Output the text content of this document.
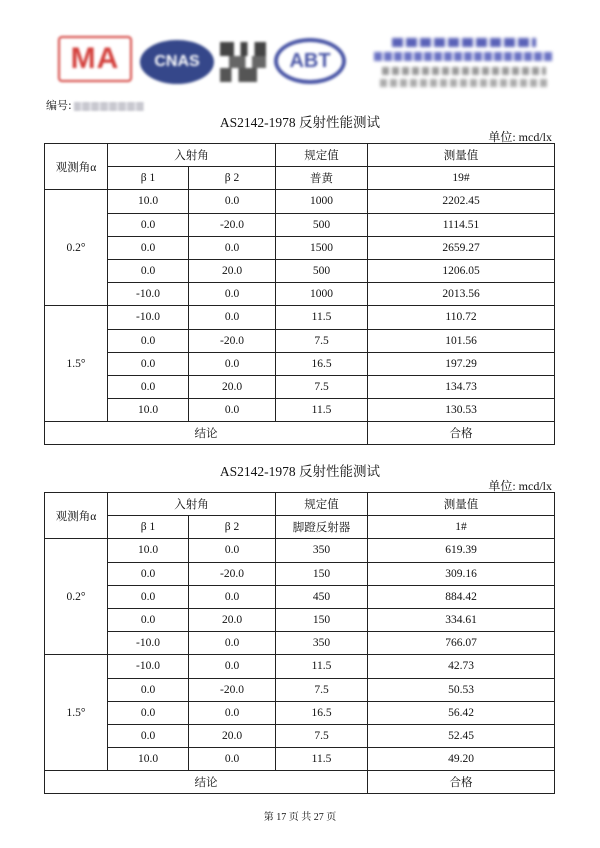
MA	CNAS	ABT
编号:
AS2142-1978 反射性能测试
单位: mcd/lx
观测角α	入射角		规定值	测量值
	β 1	β 2	普黄	19#
0.2°	10.0	0.0	1000	2202.45
	0.0	-20.0	500	1114.51
	0.0	0.0	1500	2659.27
	0.0	20.0	500	1206.05
	-10.0	0.0	1000	2013.56
1.5°	-10.0	0.0	11.5	110.72
	0.0	-20.0	7.5	101.56
	0.0	0.0	16.5	197.29
	0.0	20.0	7.5	134.73
	10.0	0.0	11.5	130.53
结论				合格
AS2142-1978 反射性能测试
单位: mcd/lx
观测角α	入射角		规定值	测量值
	β 1	β 2	脚蹬反射器	1#
0.2°	10.0	0.0	350	619.39
	0.0	-20.0	150	309.16
	0.0	0.0	450	884.42
	0.0	20.0	150	334.61
	-10.0	0.0	350	766.07
1.5°	-10.0	0.0	11.5	42.73
	0.0	-20.0	7.5	50.53
	0.0	0.0	16.5	56.42
	0.0	20.0	7.5	52.45
	10.0	0.0	11.5	49.20
结论				合格
第 17 页 共 27 页
